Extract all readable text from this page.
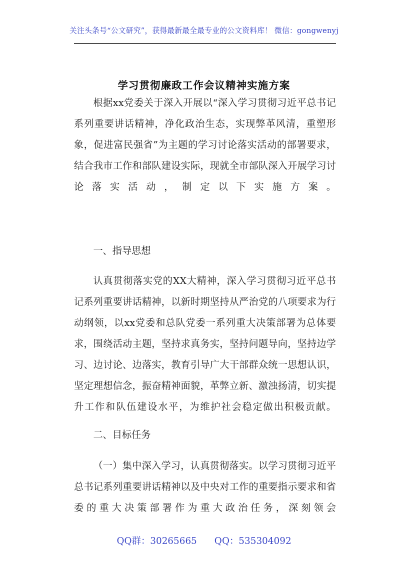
关注头条号“公文研究”，获得最新最全最专业的公文资料库！ 微信：gongwenyj
学习贯彻廉政工作会议精神实施方案

根据xx党委关于深入开展以“深入学习贯彻习近平总书记系列重要讲话精神，净化政治生态，实现弊革风清，重塑形象，促进富民强省”为主题的学习讨论落实活动的部署要求，结合我市工作和部队建设实际，现就全市部队深入开展学习讨论落实活动，制定以下实施方案。

一、指导思想

认真贯彻落实党的XX大精神，深入学习贯彻习近平总书记系列重要讲话精神，以新时期坚持从严治党的八项要求为行动纲领，以xx党委和总队党委一系列重大决策部署为总体要求，围绕活动主题，坚持求真务实，坚持问题导向，坚持边学习、边讨论、边落实，教育引导广大干部群众统一思想认识，坚定理想信念，振奋精神面貌，革弊立新、激浊扬清，切实提升工作和队伍建设水平，为维护社会稳定做出积极贡献。

二、目标任务

（一）集中深入学习，认真贯彻落实。以学习贯彻习近平总书记系列重要讲话精神以及中央对工作的重要指示要求和省委的重大决策部署作为重大政治任务，深刻领会

QQ群：30265665      QQ：535304092
